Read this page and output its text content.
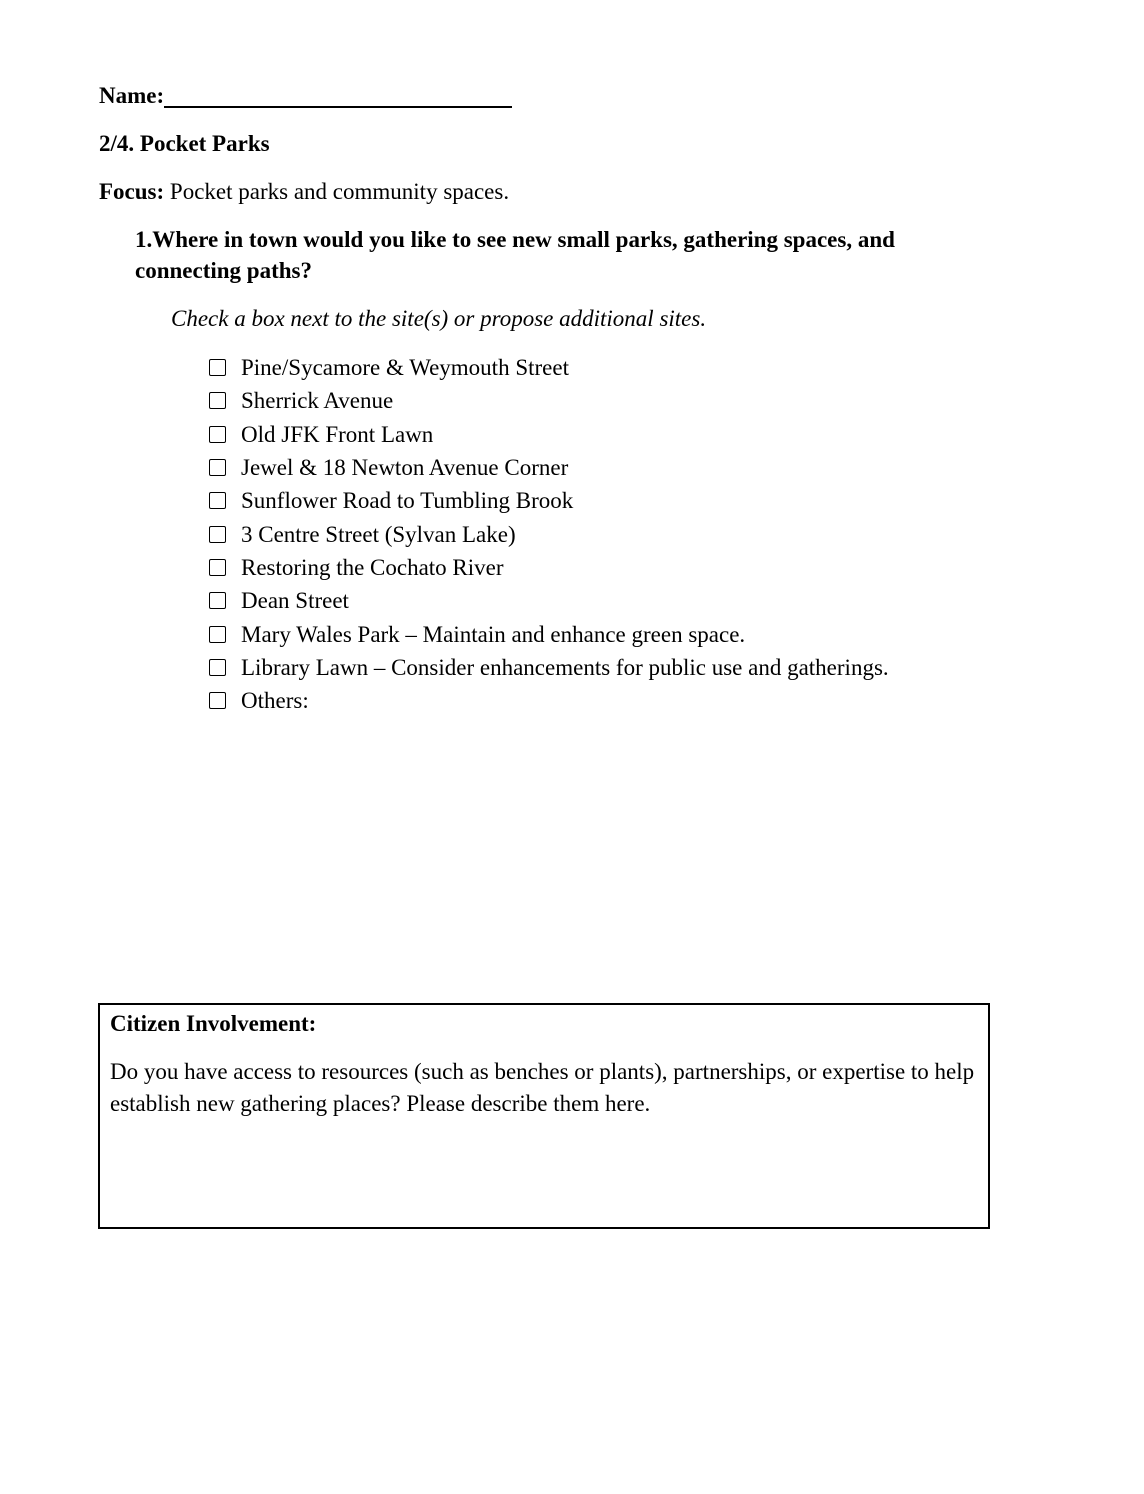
Name:
2/4. Pocket Parks
Focus: Pocket parks and community spaces.
1.Where in town would you like to see new small parks, gathering spaces, and connecting paths?
Check a box next to the site(s) or propose additional sites.
Pine/Sycamore & Weymouth Street
Sherrick Avenue
Old JFK Front Lawn
Jewel & 18 Newton Avenue Corner
Sunflower Road to Tumbling Brook
3 Centre Street (Sylvan Lake)
Restoring the Cochato River
Dean Street
Mary Wales Park – Maintain and enhance green space.
Library Lawn – Consider enhancements for public use and gatherings.
Others:
Citizen Involvement:
Do you have access to resources (such as benches or plants), partnerships, or expertise to help establish new gathering places? Please describe them here.
